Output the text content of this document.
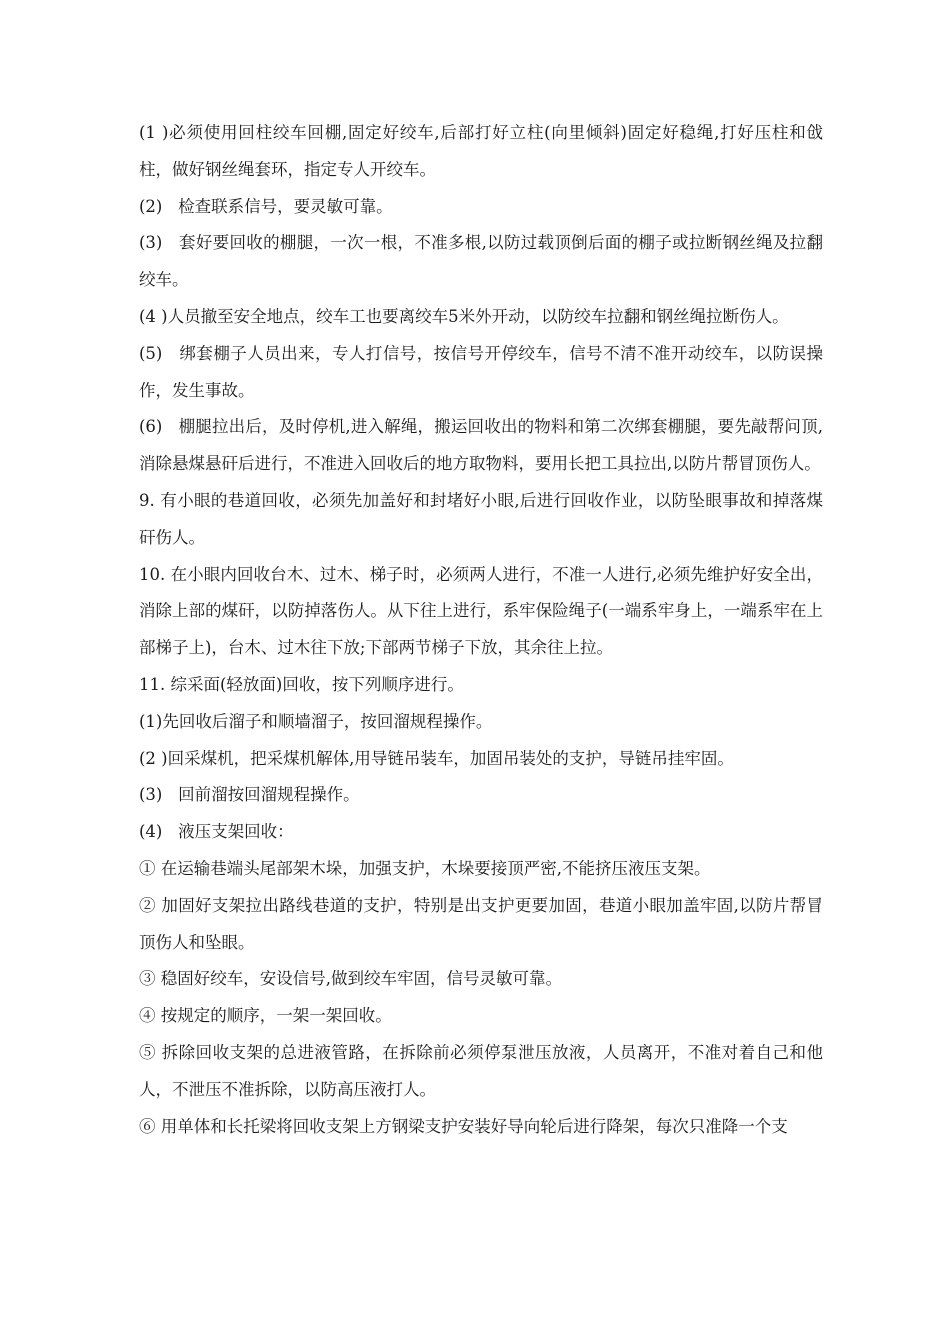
(1 )必须使用回柱绞车回棚,固定好绞车,后部打好立柱(向里倾斜)固定好稳绳,打好压柱和戗柱，做好钢丝绳套环，指定专人开绞车。

(2)   检查联系信号，要灵敏可靠。

(3)   套好要回收的棚腿，一次一根，不准多根,以防过载顶倒后面的棚子或拉断钢丝绳及拉翻绞车。

(4 )人员撤至安全地点，绞车工也要离绞车5米外开动，以防绞车拉翻和钢丝绳拉断伤人。

(5)   绑套棚子人员出来，专人打信号，按信号开停绞车，信号不清不准开动绞车，以防误操作，发生事故。

(6)   棚腿拉出后，及时停机,进入解绳，搬运回收出的物料和第二次绑套棚腿，要先敲帮问顶,消除悬煤悬矸后进行，不准进入回收后的地方取物料，要用长把工具拉出,以防片帮冒顶伤人。

9. 有小眼的巷道回收，必须先加盖好和封堵好小眼,后进行回收作业，以防坠眼事故和掉落煤矸伤人。

10. 在小眼内回收台木、过木、梯子时，必须两人进行，不准一人进行,必须先维护好安全出，消除上部的煤矸，以防掉落伤人。从下往上进行，系牢保险绳子(一端系牢身上，一端系牢在上部梯子上)，台木、过木往下放;下部两节梯子下放，其余往上拉。

11. 综采面(轻放面)回收，按下列顺序进行。

(1)先回收后溜子和顺墙溜子，按回溜规程操作。

(2 )回采煤机，把采煤机解体,用导链吊装车，加固吊装处的支护，导链吊挂牢固。

(3)   回前溜按回溜规程操作。

(4)   液压支架回收：

① 在运输巷端头尾部架木垛，加强支护，木垛要接顶严密,不能挤压液压支架。

② 加固好支架拉出路线巷道的支护，特别是出支护更要加固，巷道小眼加盖牢固,以防片帮冒顶伤人和坠眼。

③ 稳固好绞车，安设信号,做到绞车牢固，信号灵敏可靠。

④ 按规定的顺序，一架一架回收。

⑤ 拆除回收支架的总进液管路，在拆除前必须停泵泄压放液，人员离开，不准对着自己和他人，不泄压不准拆除，以防高压液打人。

⑥ 用单体和长托梁将回收支架上方钢梁支护安装好导向轮后进行降架，每次只准降一个支
